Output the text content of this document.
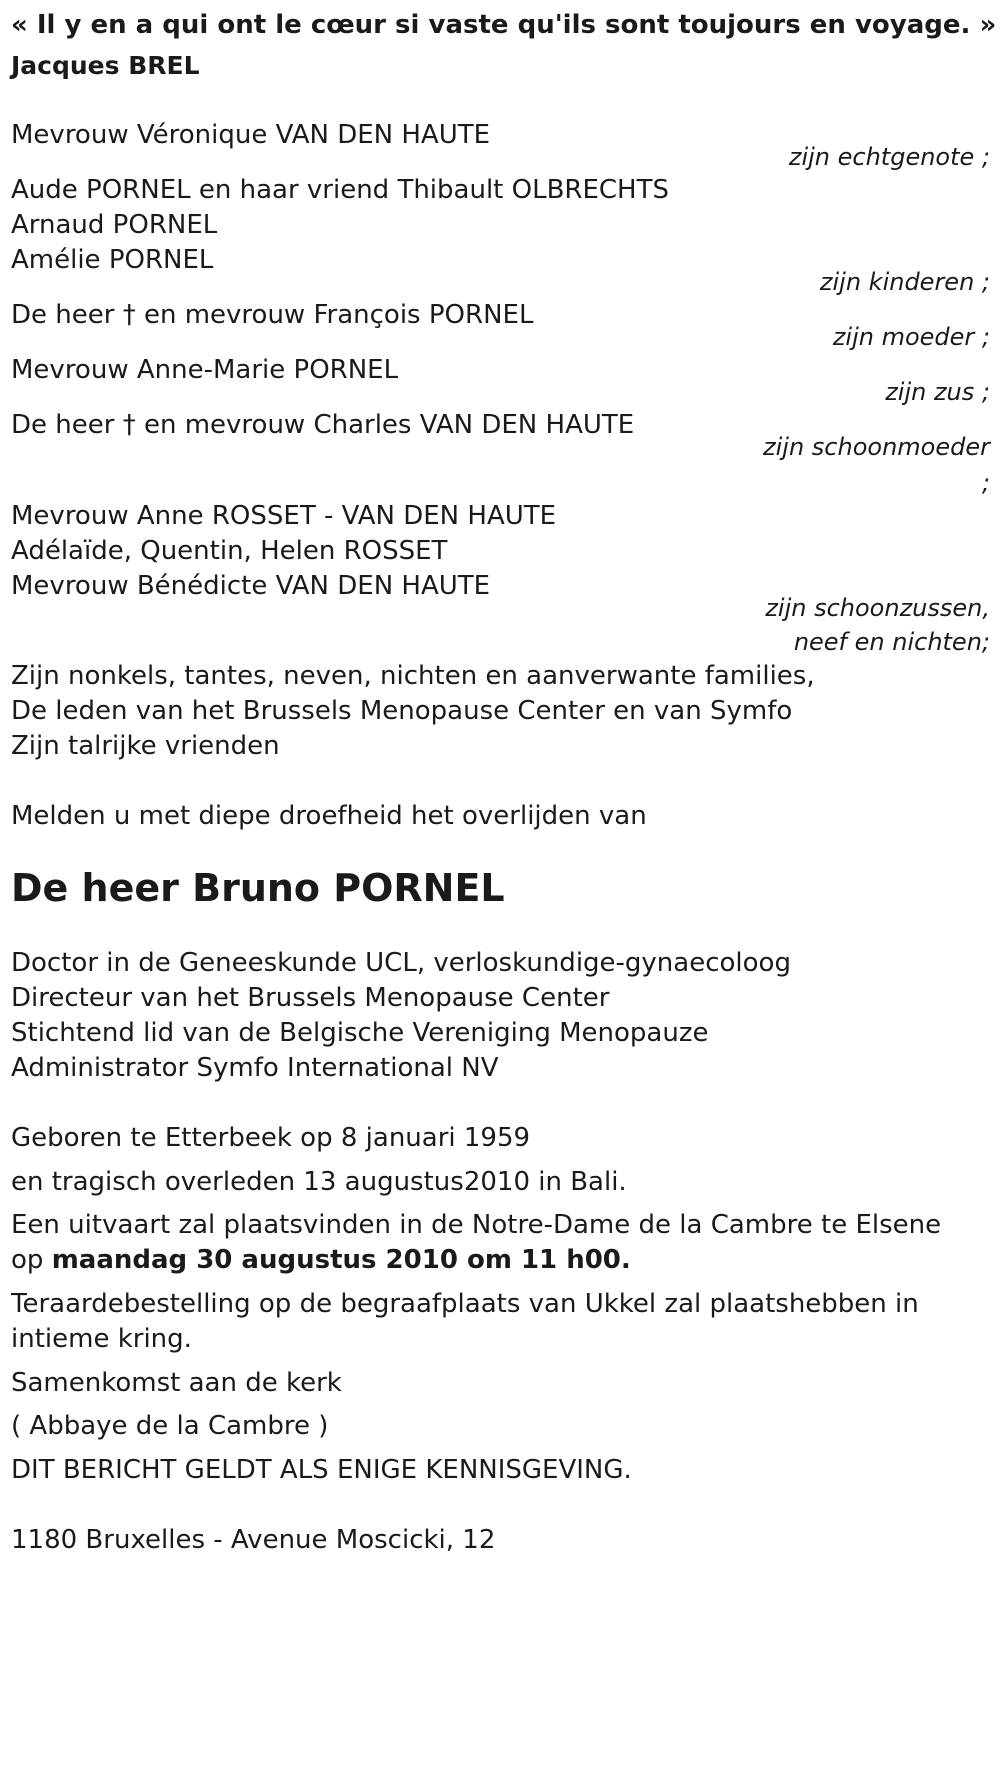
« Il y en a qui ont le cœur si vaste qu'ils sont toujours en voyage. »
Jacques BREL
Mevrouw Véronique VAN DEN HAUTE
zijn echtgenote ;
Aude PORNEL en haar vriend Thibault OLBRECHTS
Arnaud PORNEL
Amélie PORNEL
zijn kinderen ;
De heer † en mevrouw François PORNEL
zijn moeder ;
Mevrouw Anne-Marie PORNEL
zijn zus ;
De heer † en mevrouw Charles VAN DEN HAUTE
zijn schoonmoeder
;
Mevrouw Anne ROSSET - VAN DEN HAUTE
Adélaïde, Quentin, Helen ROSSET
Mevrouw Bénédicte VAN DEN HAUTE
zijn schoonzussen,
neef en nichten;
Zijn nonkels, tantes, neven, nichten en aanverwante families,
De leden van het Brussels Menopause Center en van Symfo
Zijn talrijke vrienden
Melden u met diepe droefheid het overlijden van
De heer Bruno PORNEL
Doctor in de Geneeskunde UCL, verloskundige-gynaecoloog
Directeur van het Brussels Menopause Center
Stichtend lid van de Belgische Vereniging Menopauze
Administrator Symfo International NV
Geboren te Etterbeek op 8 januari 1959
en tragisch overleden 13 augustus2010 in Bali.
Een uitvaart zal plaatsvinden in de Notre-Dame de la Cambre te Elsene
op maandag 30 augustus 2010 om 11 h00.
Teraardebestelling op de begraafplaats van Ukkel zal plaatshebben in
intieme kring.
Samenkomst aan de kerk
( Abbaye de la Cambre )
DIT BERICHT GELDT ALS ENIGE KENNISGEVING.
1180 Bruxelles - Avenue Moscicki, 12
